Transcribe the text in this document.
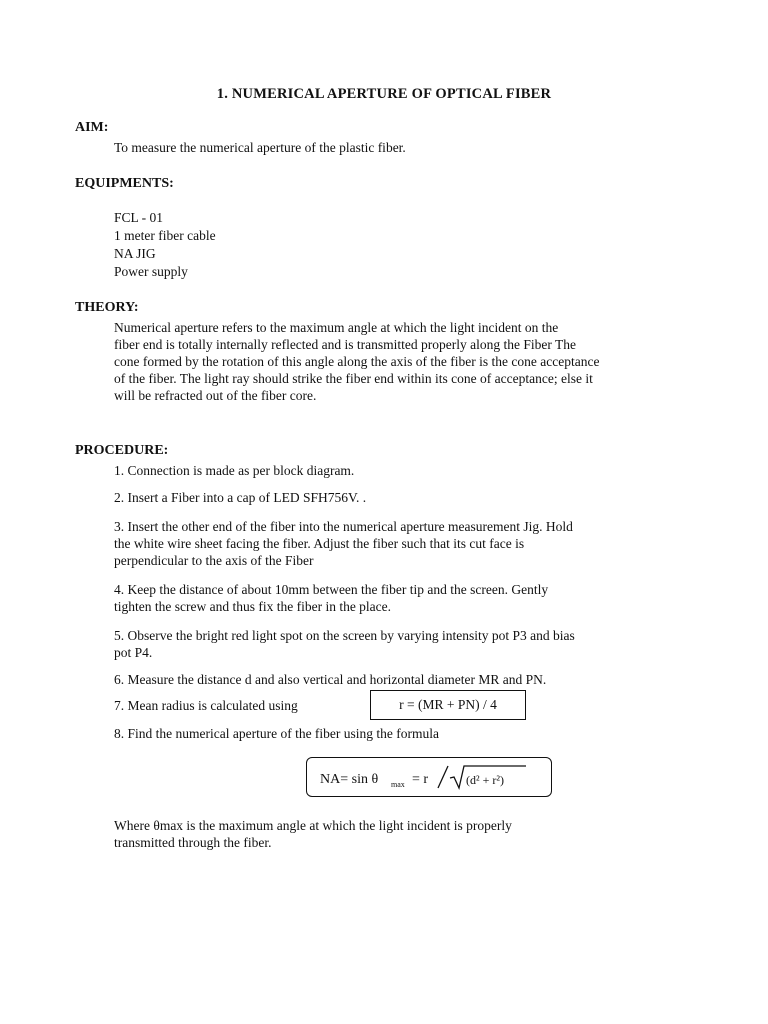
1. NUMERICAL APERTURE OF OPTICAL FIBER
AIM:
To measure the numerical aperture of the plastic fiber.
EQUIPMENTS:
FCL - 01
1 meter fiber cable
NA JIG
Power supply
THEORY:
Numerical aperture refers to the maximum angle at which the light incident on the
fiber end is totally internally reflected and is transmitted properly along the Fiber The
cone formed by the rotation of this angle along the axis of the fiber is the cone acceptance
of the fiber. The light ray should strike the fiber end within its cone of acceptance; else it
will be refracted out of the fiber core.
PROCEDURE:
1. Connection is made as per block diagram.
2. Insert a Fiber into a cap of LED SFH756V. .
3. Insert the other end of the fiber into the numerical aperture measurement Jig. Hold
the white wire sheet facing the fiber. Adjust the fiber such that its cut face is
perpendicular to the axis of the Fiber
4. Keep the distance of about 10mm between the fiber tip and the screen. Gently
tighten the screw and thus fix the fiber in the place.
5. Observe the bright red light spot on the screen by varying intensity pot P3 and bias
pot P4.
6. Measure the distance d and also vertical and horizontal diameter MR and PN.
7. Mean radius is calculated using	r = (MR + PN) / 4
8. Find the numerical aperture of the fiber using the formula
NA= sin θ max = r	(d² + r²)
Where θmax is the maximum angle at which the light incident is properly
transmitted through the fiber.
